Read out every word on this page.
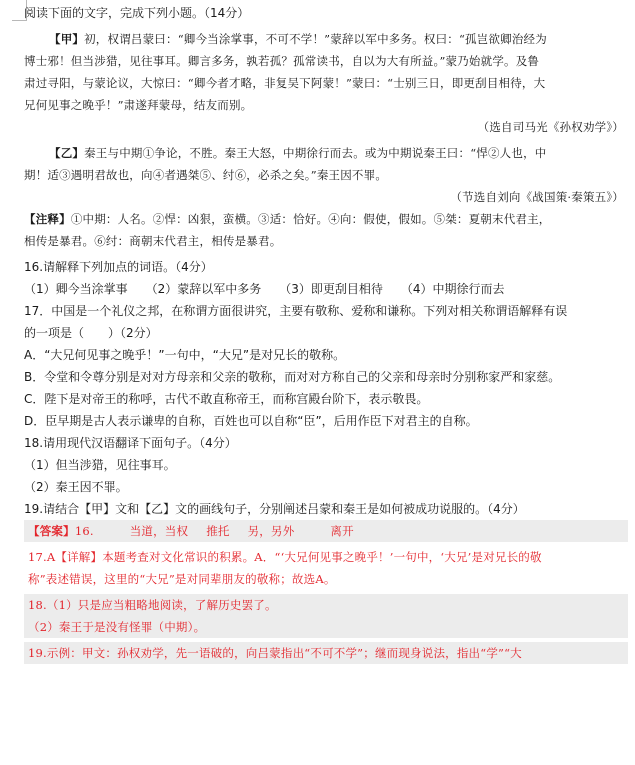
阅读下面的文字，完成下列小题。（14分）
【甲】初，权谓吕蒙曰：“卿今当涂掌事，不可不学！”蒙辞以军中多务。权曰：“孤岂欲卿治经为
博士邪！但当涉猎，见往事耳。卿言多务，孰若孤？孤常读书，自以为大有所益。”蒙乃始就学。及鲁
肃过寻阳，与蒙论议，大惊曰：“卿今者才略，非复吴下阿蒙！”蒙曰：“士别三日，即更刮目相待，大
兄何见事之晚乎！”肃遂拜蒙母，结友而别。
（选自司马光《孙权劝学》）
【乙】秦王与中期①争论，不胜。秦王大怒，中期徐行而去。或为中期说秦王曰：“悍②人也，中
期！适③遇明君故也，向④者遇桀⑤、纣⑥，必杀之矣。”秦王因不罪。
（节选自刘向《战国策·秦策五》）
【注释】①中期：人名。②悍：凶狠，蛮横。③适：恰好。④向：假使，假如。⑤桀：夏朝末代君主，
相传是暴君。⑥纣：商朝末代君主，相传是暴君。
16.请解释下列加点的词语。（4分）
（1）卿今当涂掌事 （2）蒙辞以军中多务 （3）即更刮目相待 （4）中期徐行而去
17．中国是一个礼仪之邦，在称谓方面很讲究，主要有敬称、爱称和谦称。下列对相关称谓语解释有误
的一项是（　　）（2分）
A．“大兄何见事之晚乎！”一句中，“大兄”是对兄长的敬称。
B．令堂和令尊分别是对对方母亲和父亲的敬称，而对对方称自己的父亲和母亲时分别称家严和家慈。
C．陛下是对帝王的称呼，古代不敢直称帝王，而称宫殿台阶下，表示敬畏。
D．臣早期是古人表示谦卑的自称，百姓也可以自称“臣”，后用作臣下对君主的自称。
18.请用现代汉语翻译下面句子。（4分）
（1）但当涉猎，见往事耳。
（2）秦王因不罪。
19.请结合【甲】文和【乙】文的画线句子，分别阐述吕蒙和秦王是如何被成功说服的。（4分）
【答案】16.	当道，当权 推托 另，另外	离开
17.A【详解】本题考查对文化常识的积累。A．“‘大兄何见事之晚乎！’一句中，‘大兄’是对兄长的敬
称”表述错误，这里的“大兄”是对同辈朋友的敬称；故选A。
18.（1）只是应当粗略地阅读，了解历史罢了。
（2）秦王于是没有怪罪（中期）。
19.示例：甲文：孙权劝学，先一语破的，向吕蒙指出“不可不学”；继而现身说法，指出“学”“大
